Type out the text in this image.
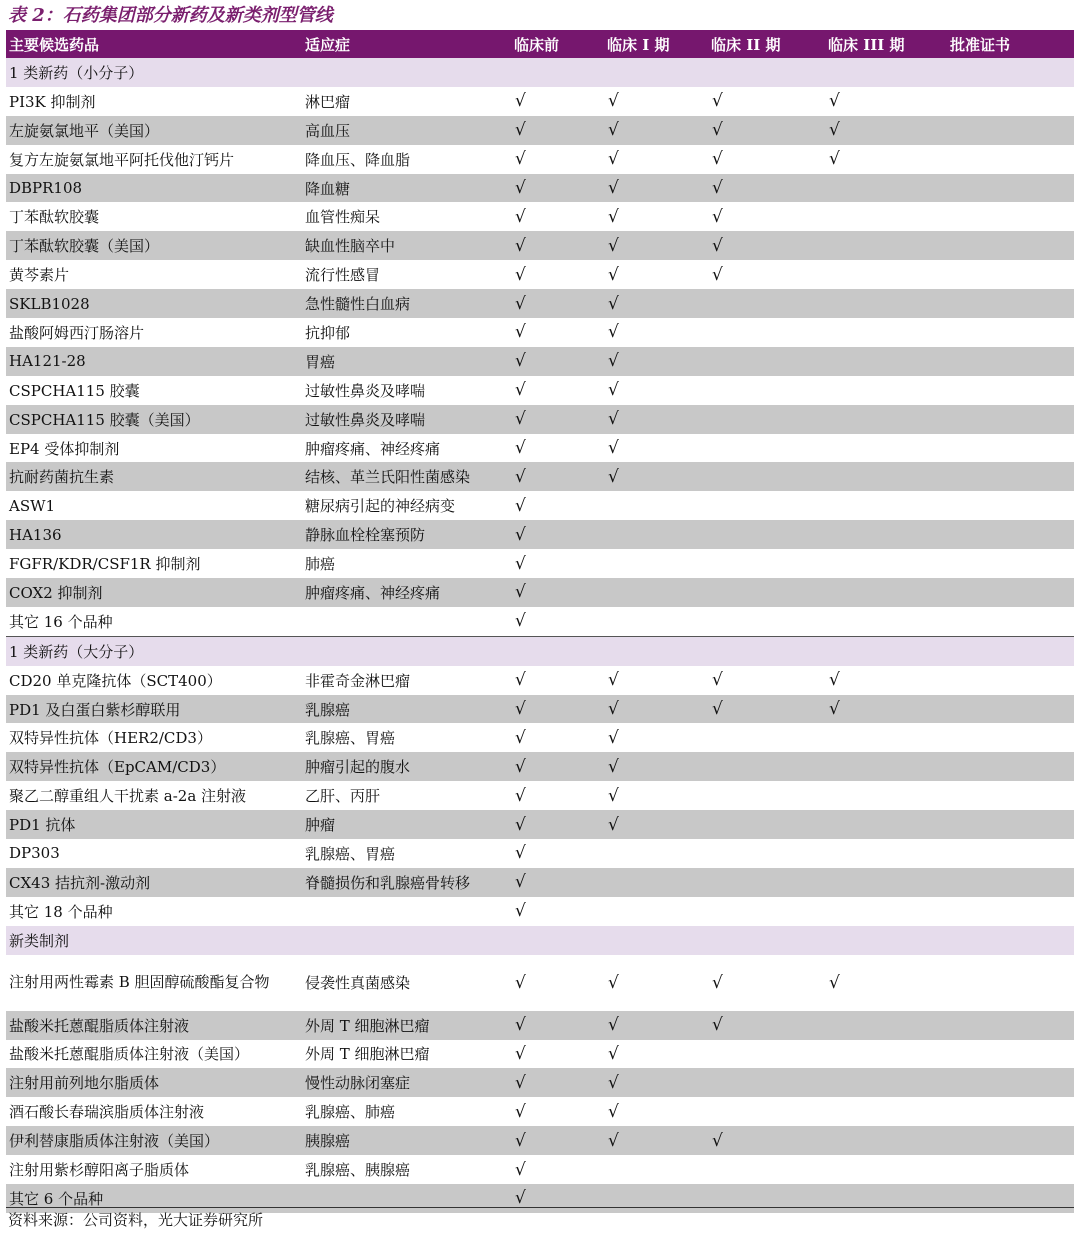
表 2：石药集团部分新药及新类剂型管线
主要候选药品	适应症	临床前	临床 I 期	临床 II 期	临床 III 期	批准证书
1 类新药（小分子）						
PI3K 抑制剂	淋巴瘤	√	√	√	√	
左旋氨氯地平（美国）	高血压	√	√	√	√	
复方左旋氨氯地平阿托伐他汀钙片	降血压、降血脂	√	√	√	√	
DBPR108	降血糖	√	√	√		
丁苯酞软胶囊	血管性痴呆	√	√	√		
丁苯酞软胶囊（美国）	缺血性脑卒中	√	√	√		
黄芩素片	流行性感冒	√	√	√		
SKLB1028	急性髓性白血病	√	√			
盐酸阿姆西汀肠溶片	抗抑郁	√	√			
HA121-28	胃癌	√	√			
CSPCHA115 胶囊	过敏性鼻炎及哮喘	√	√			
CSPCHA115 胶囊（美国）	过敏性鼻炎及哮喘	√	√			
EP4 受体抑制剂	肿瘤疼痛、神经疼痛	√	√			
抗耐药菌抗生素	结核、革兰氏阳性菌感染	√	√			
ASW1	糖尿病引起的神经病变	√				
HA136	静脉血栓栓塞预防	√				
FGFR/KDR/CSF1R 抑制剂	肺癌	√				
COX2 抑制剂	肿瘤疼痛、神经疼痛	√				
其它 16 个品种		√				
1 类新药（大分子）						
CD20 单克隆抗体（SCT400）	非霍奇金淋巴瘤	√	√	√	√	
PD1 及白蛋白紫杉醇联用	乳腺癌	√	√	√	√	
双特异性抗体（HER2/CD3）	乳腺癌、胃癌	√	√			
双特异性抗体（EpCAM/CD3）	肿瘤引起的腹水	√	√			
聚乙二醇重组人干扰素 a-2a 注射液	乙肝、丙肝	√	√			
PD1 抗体	肿瘤	√	√			
DP303	乳腺癌、胃癌	√				
CX43 拮抗剂-激动剂	脊髓损伤和乳腺癌骨转移	√				
其它 18 个品种		√				
新类制剂						
注射用两性霉素 B 胆固醇硫酸酯复合物	侵袭性真菌感染	√	√	√	√	
盐酸米托蒽醌脂质体注射液	外周 T 细胞淋巴瘤	√	√	√		
盐酸米托蒽醌脂质体注射液（美国）	外周 T 细胞淋巴瘤	√	√			
注射用前列地尔脂质体	慢性动脉闭塞症	√	√			
酒石酸长春瑞滨脂质体注射液	乳腺癌、肺癌	√	√			
伊利替康脂质体注射液（美国）	胰腺癌	√	√	√		
注射用紫杉醇阳离子脂质体	乳腺癌、胰腺癌	√				
其它 6 个品种		√				
资料来源：公司资料，光大证券研究所
